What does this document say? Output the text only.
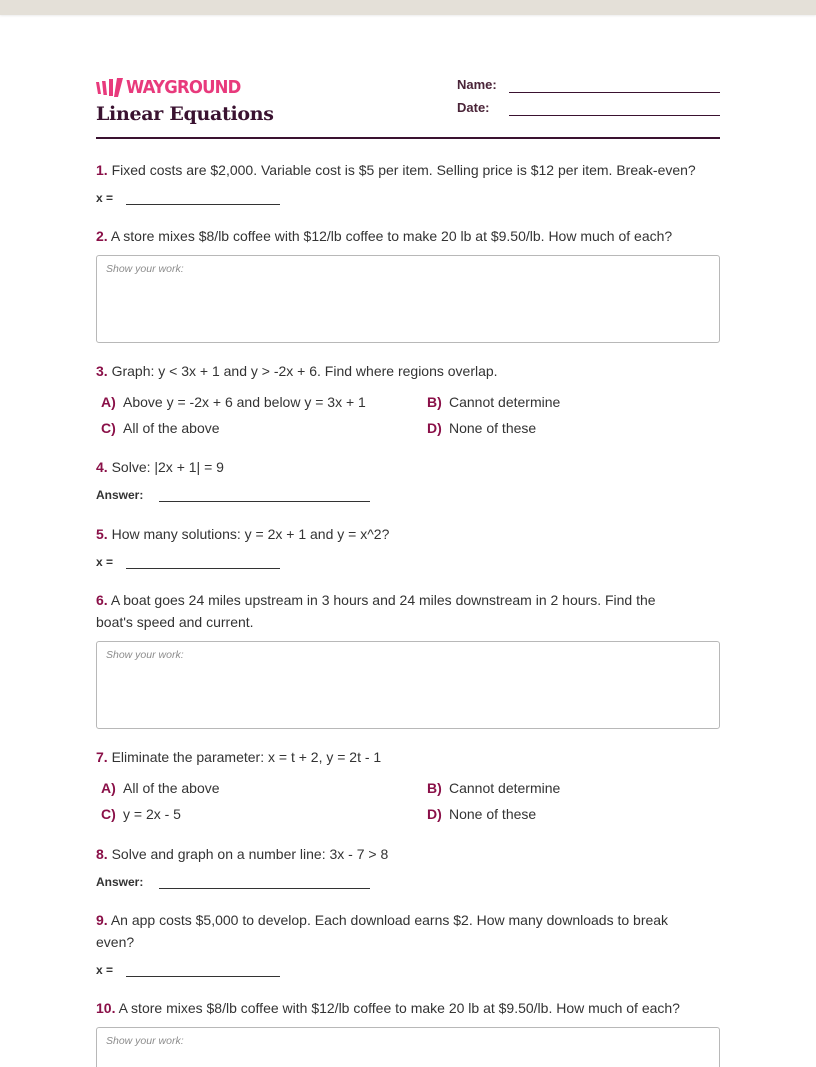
WAYGROUND
Linear Equations
Name:
Date:
1. Fixed costs are $2,000. Variable cost is $5 per item. Selling price is $12 per item. Break-even?
x =
2. A store mixes $8/lb coffee with $12/lb coffee to make 20 lb at $9.50/lb. How much of each?
Show your work:
3. Graph: y < 3x + 1 and y > -2x + 6. Find where regions overlap.
A) Above y = -2x + 6 and below y = 3x + 1	B) Cannot determine
C) All of the above	D) None of these
4. Solve: |2x + 1| = 9
Answer:
5. How many solutions: y = 2x + 1 and y = x^2?
x =
6. A boat goes 24 miles upstream in 3 hours and 24 miles downstream in 2 hours. Find the boat's speed and current.
Show your work:
7. Eliminate the parameter: x = t + 2, y = 2t - 1
A) All of the above	B) Cannot determine
C) y = 2x - 5	D) None of these
8. Solve and graph on a number line: 3x - 7 > 8
Answer:
9. An app costs $5,000 to develop. Each download earns $2. How many downloads to break even?
x =
10. A store mixes $8/lb coffee with $12/lb coffee to make 20 lb at $9.50/lb. How much of each?
Show your work:
